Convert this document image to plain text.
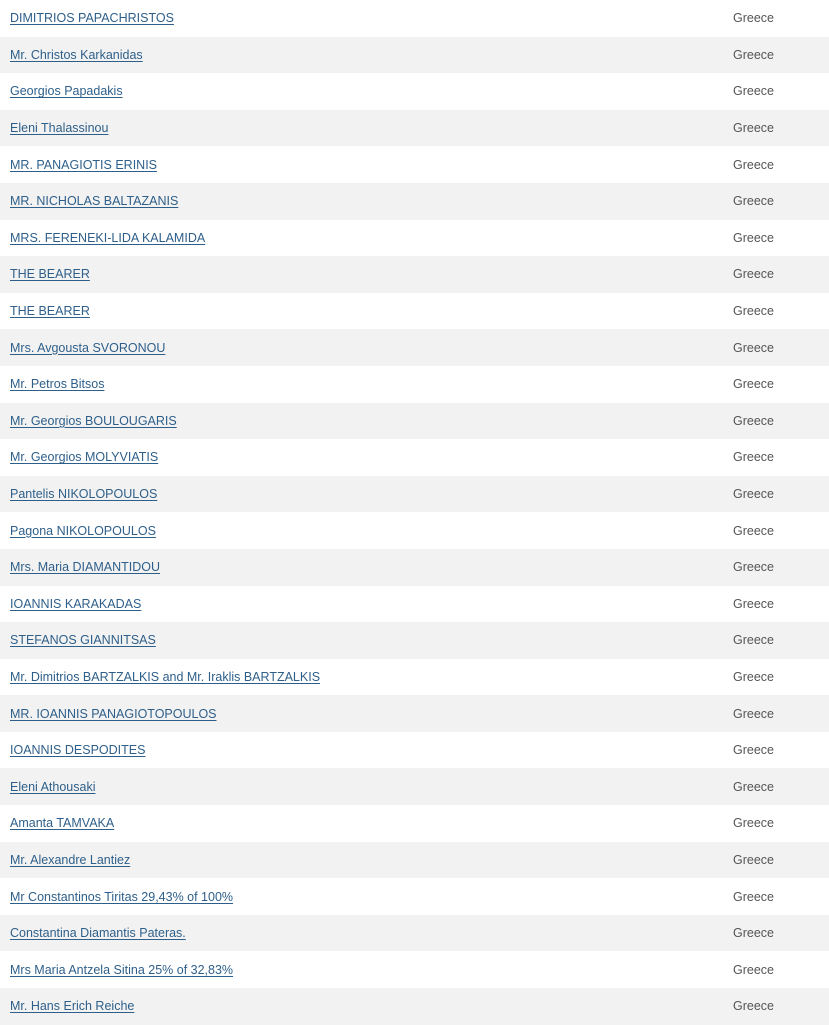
DIMITRIOS PAPACHRISTOS	Greece
Mr. Christos Karkanidas	Greece
Georgios Papadakis	Greece
Eleni Thalassinou	Greece
MR. PANAGIOTIS ERINIS	Greece
MR. NICHOLAS BALTAZANIS	Greece
MRS. FERENEKI-LIDA KALAMIDA	Greece
THE BEARER	Greece
THE BEARER	Greece
Mrs. Avgousta SVORONOU	Greece
Mr. Petros Bitsos	Greece
Mr. Georgios BOULOUGARIS	Greece
Mr. Georgios MOLYVIATIS	Greece
Pantelis NIKOLOPOULOS	Greece
Pagona NIKOLOPOULOS	Greece
Mrs. Maria DIAMANTIDOU	Greece
IOANNIS KARAKADAS	Greece
STEFANOS GIANNITSAS	Greece
Mr. Dimitrios BARTZALKIS and Mr. Iraklis BARTZALKIS	Greece
MR. IOANNIS PANAGIOTOPOULOS	Greece
IOANNIS DESPODITES	Greece
Eleni Athousaki	Greece
Amanta TAMVAKA	Greece
Mr. Alexandre Lantiez	Greece
Mr Constantinos Tiritas 29,43% of 100%	Greece
Constantina Diamantis Pateras.	Greece
Mrs Maria Antzela Sitina 25% of 32,83%	Greece
Mr. Hans Erich Reiche	Greece
